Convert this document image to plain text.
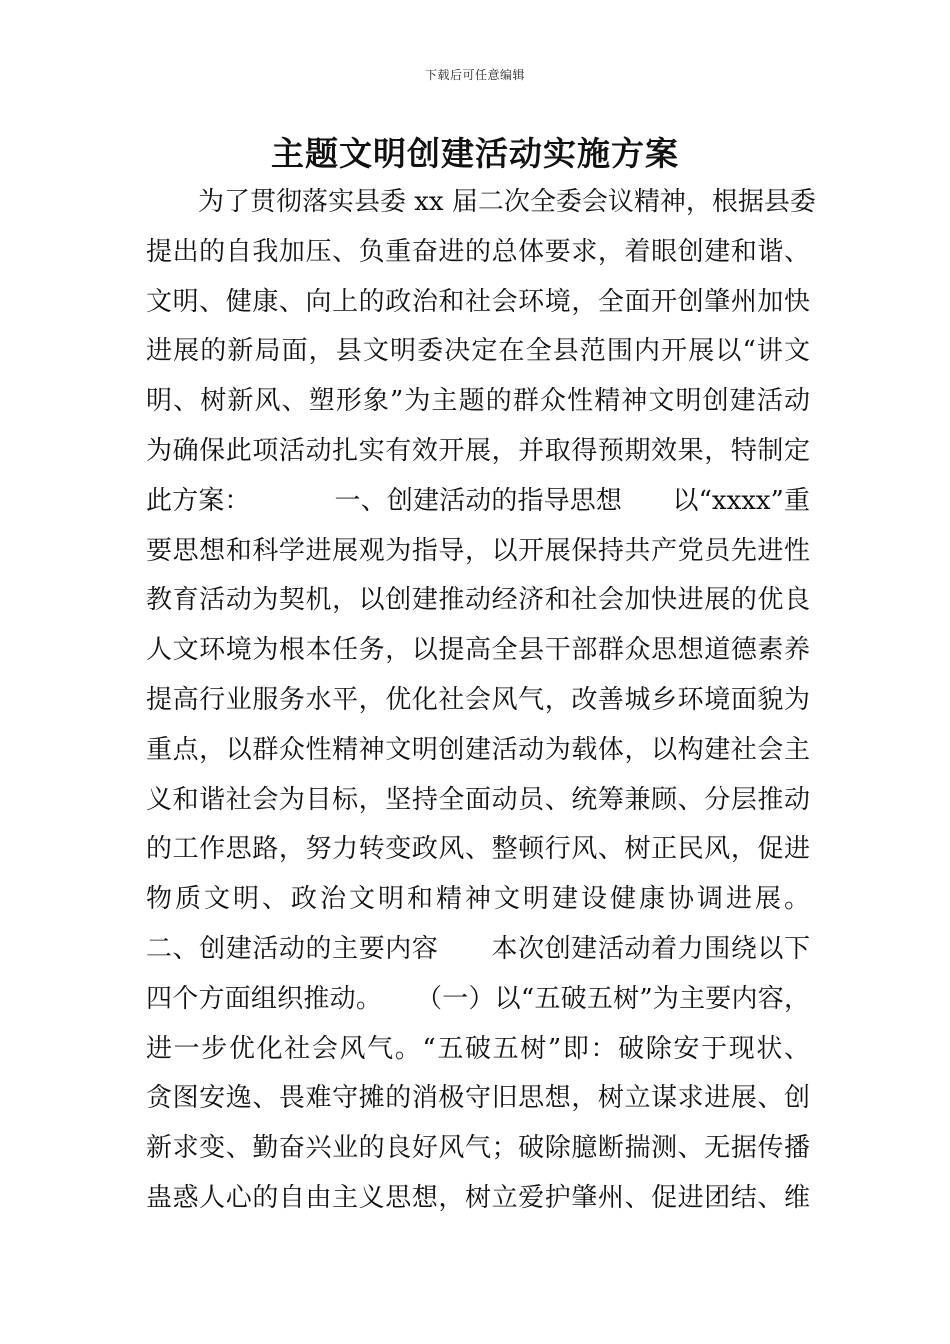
下载后可任意编辑
主题文明创建活动实施方案
为了贯彻落实县委 xx 届二次全委会议精神，根据县委
提出的自我加压、负重奋进的总体要求，着眼创建和谐、
文明、健康、向上的政治和社会环境，全面开创肇州加快
进展的新局面，县文明委决定在全县范围内开展以“讲文
明、树新风、塑形象”为主题的群众性精神文明创建活动
为确保此项活动扎实有效开展，并取得预期效果，特制定
此方案：          一、创建活动的指导思想      以“xxxx”重
要思想和科学进展观为指导，以开展保持共产党员先进性
教育活动为契机，以创建推动经济和社会加快进展的优良
人文环境为根本任务，以提高全县干部群众思想道德素养
提高行业服务水平，优化社会风气，改善城乡环境面貌为
重点，以群众性精神文明创建活动为载体，以构建社会主
义和谐社会为目标，坚持全面动员、统筹兼顾、分层推动
的工作思路，努力转变政风、整顿行风、树正民风，促进
物质文明、政治文明和精神文明建设健康协调进展。
二、创建活动的主要内容      本次创建活动着力围绕以下
四个方面组织推动。    （一）以“五破五树”为主要内容，
进一步优化社会风气。“五破五树”即：破除安于现状、
贪图安逸、畏难守摊的消极守旧思想，树立谋求进展、创
新求变、勤奋兴业的良好风气；破除臆断揣测、无据传播
蛊惑人心的自由主义思想，树立爱护肇州、促进团结、维
